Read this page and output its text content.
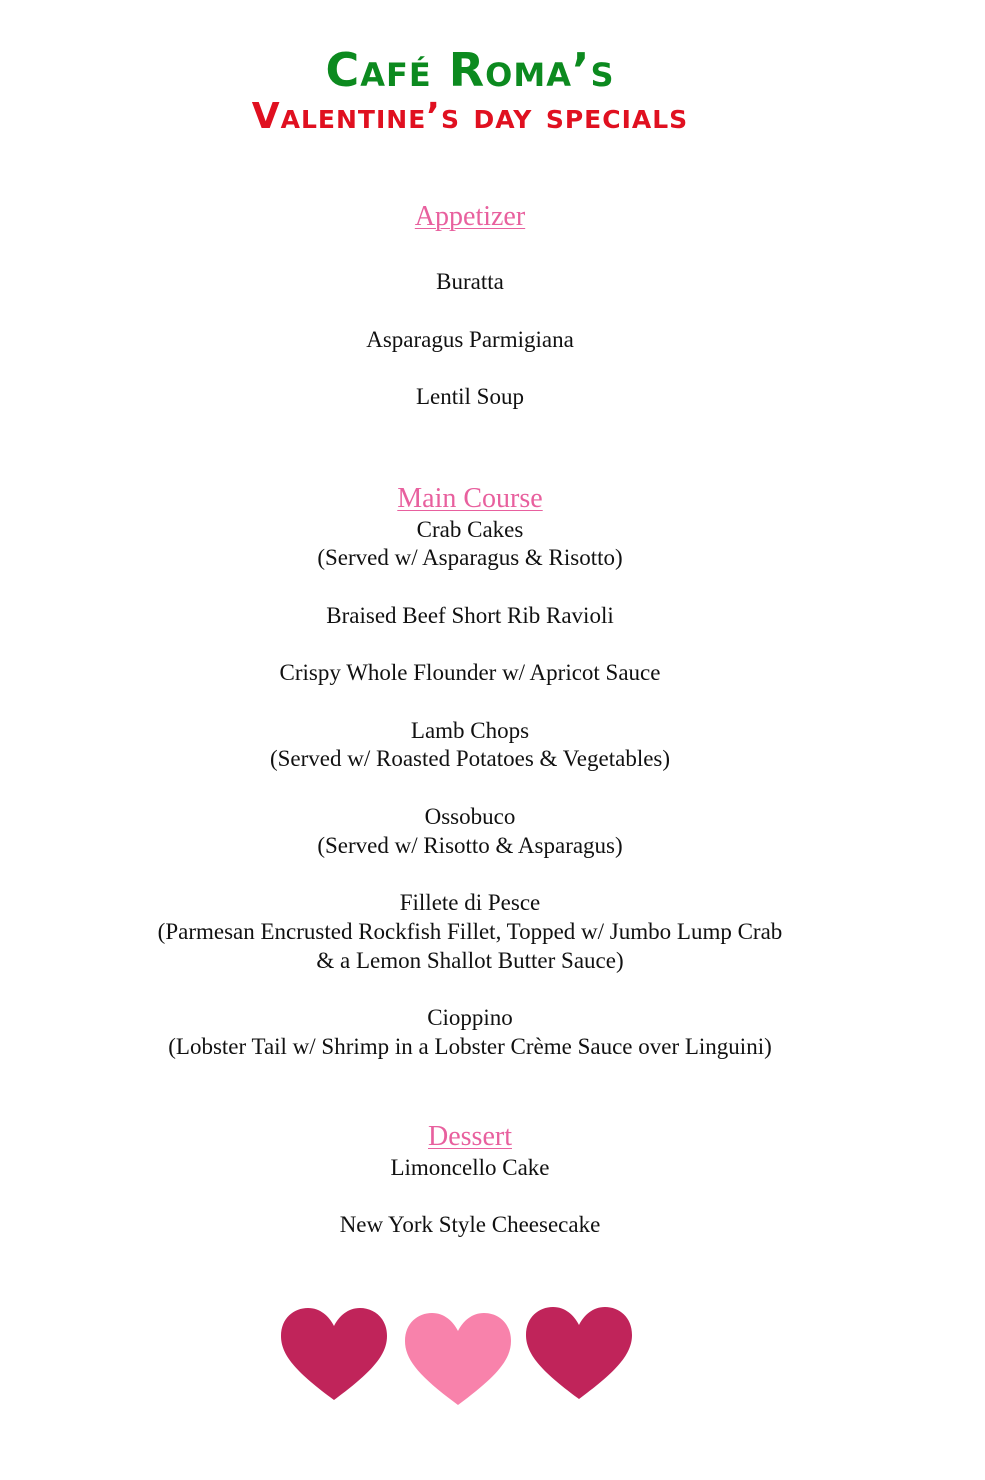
Café Roma’s
Valentine’s day specials
Appetizer
Buratta
Asparagus Parmigiana
Lentil Soup
Main Course
Crab Cakes
(Served w/ Asparagus & Risotto)
Braised Beef Short Rib Ravioli
Crispy Whole Flounder w/ Apricot Sauce
Lamb Chops
(Served w/ Roasted Potatoes & Vegetables)
Ossobuco
(Served w/ Risotto & Asparagus)
Fillete di Pesce
(Parmesan Encrusted Rockfish Fillet, Topped w/ Jumbo Lump Crab
& a Lemon Shallot Butter Sauce)
Cioppino
(Lobster Tail w/ Shrimp in a Lobster Crème Sauce over Linguini)
Dessert
Limoncello Cake
New York Style Cheesecake
